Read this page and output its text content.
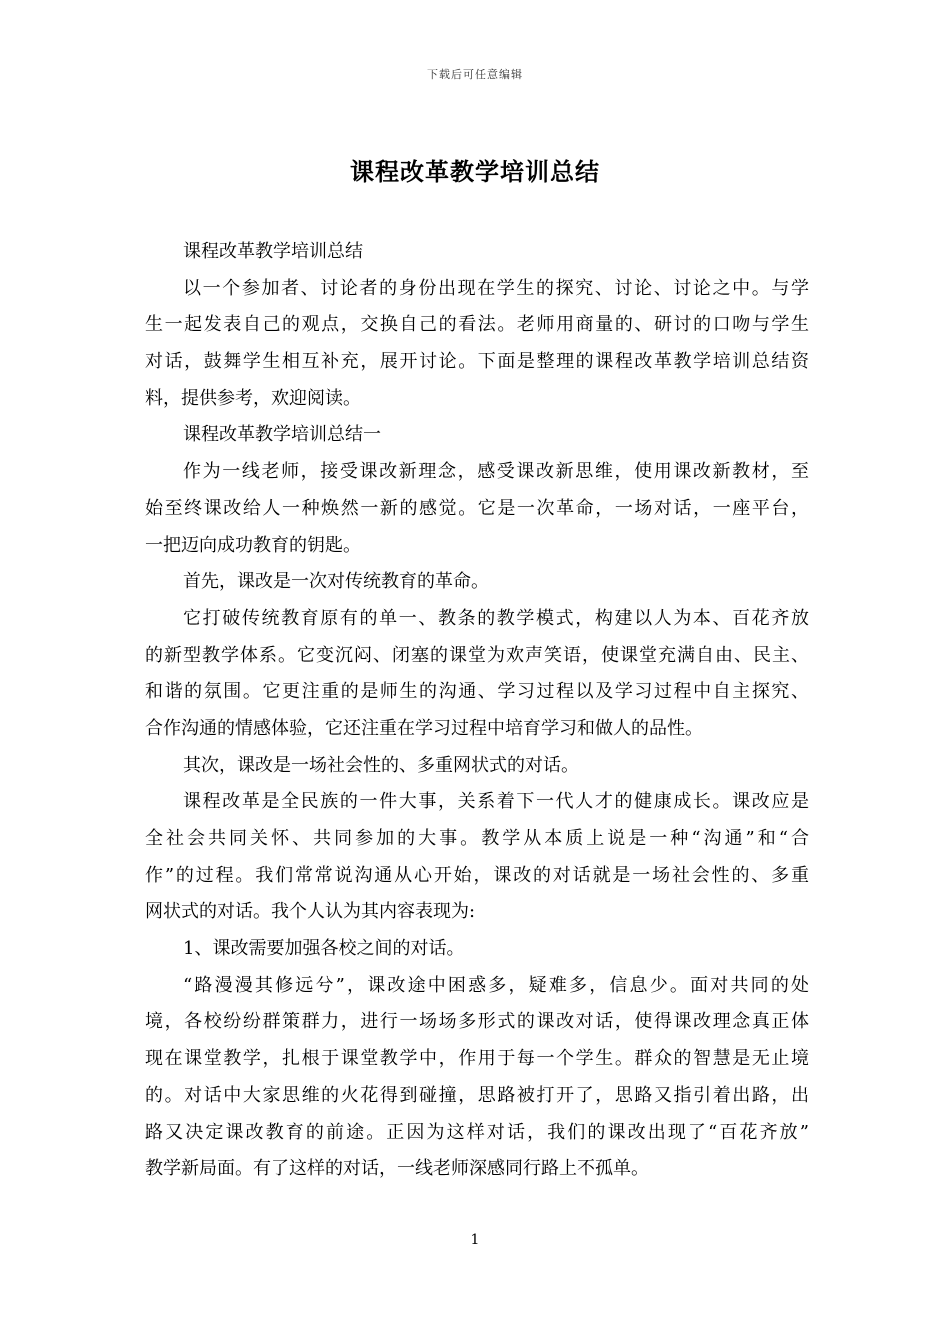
下载后可任意编辑
课程改革教学培训总结
课程改革教学培训总结
以一个参加者、讨论者的身份出现在学生的探究、讨论、讨论之中。与学
生一起发表自己的观点，交换自己的看法。老师用商量的、研讨的口吻与学生
对话，鼓舞学生相互补充，展开讨论。下面是整理的课程改革教学培训总结资
料，提供参考，欢迎阅读。
课程改革教学培训总结一
作为一线老师，接受课改新理念，感受课改新思维，使用课改新教材，至
始至终课改给人一种焕然一新的感觉。它是一次革命，一场对话，一座平台，
一把迈向成功教育的钥匙。
首先，课改是一次对传统教育的革命。
它打破传统教育原有的单一、教条的教学模式，构建以人为本、百花齐放
的新型教学体系。它变沉闷、闭塞的课堂为欢声笑语，使课堂充满自由、民主、
和谐的氛围。它更注重的是师生的沟通、学习过程以及学习过程中自主探究、
合作沟通的情感体验，它还注重在学习过程中培育学习和做人的品性。
其次，课改是一场社会性的、多重网状式的对话。
课程改革是全民族的一件大事，关系着下一代人才的健康成长。课改应是
全社会共同关怀、共同参加的大事。教学从本质上说是一种“沟通”和“合
作”的过程。我们常常说沟通从心开始，课改的对话就是一场社会性的、多重
网状式的对话。我个人认为其内容表现为:
1、课改需要加强各校之间的对话。
“路漫漫其修远兮”，课改途中困惑多，疑难多，信息少。面对共同的处
境，各校纷纷群策群力，进行一场场多形式的课改对话，使得课改理念真正体
现在课堂教学，扎根于课堂教学中，作用于每一个学生。群众的智慧是无止境
的。对话中大家思维的火花得到碰撞，思路被打开了，思路又指引着出路，出
路又决定课改教育的前途。正因为这样对话，我们的课改出现了“百花齐放”
教学新局面。有了这样的对话，一线老师深感同行路上不孤单。
1
